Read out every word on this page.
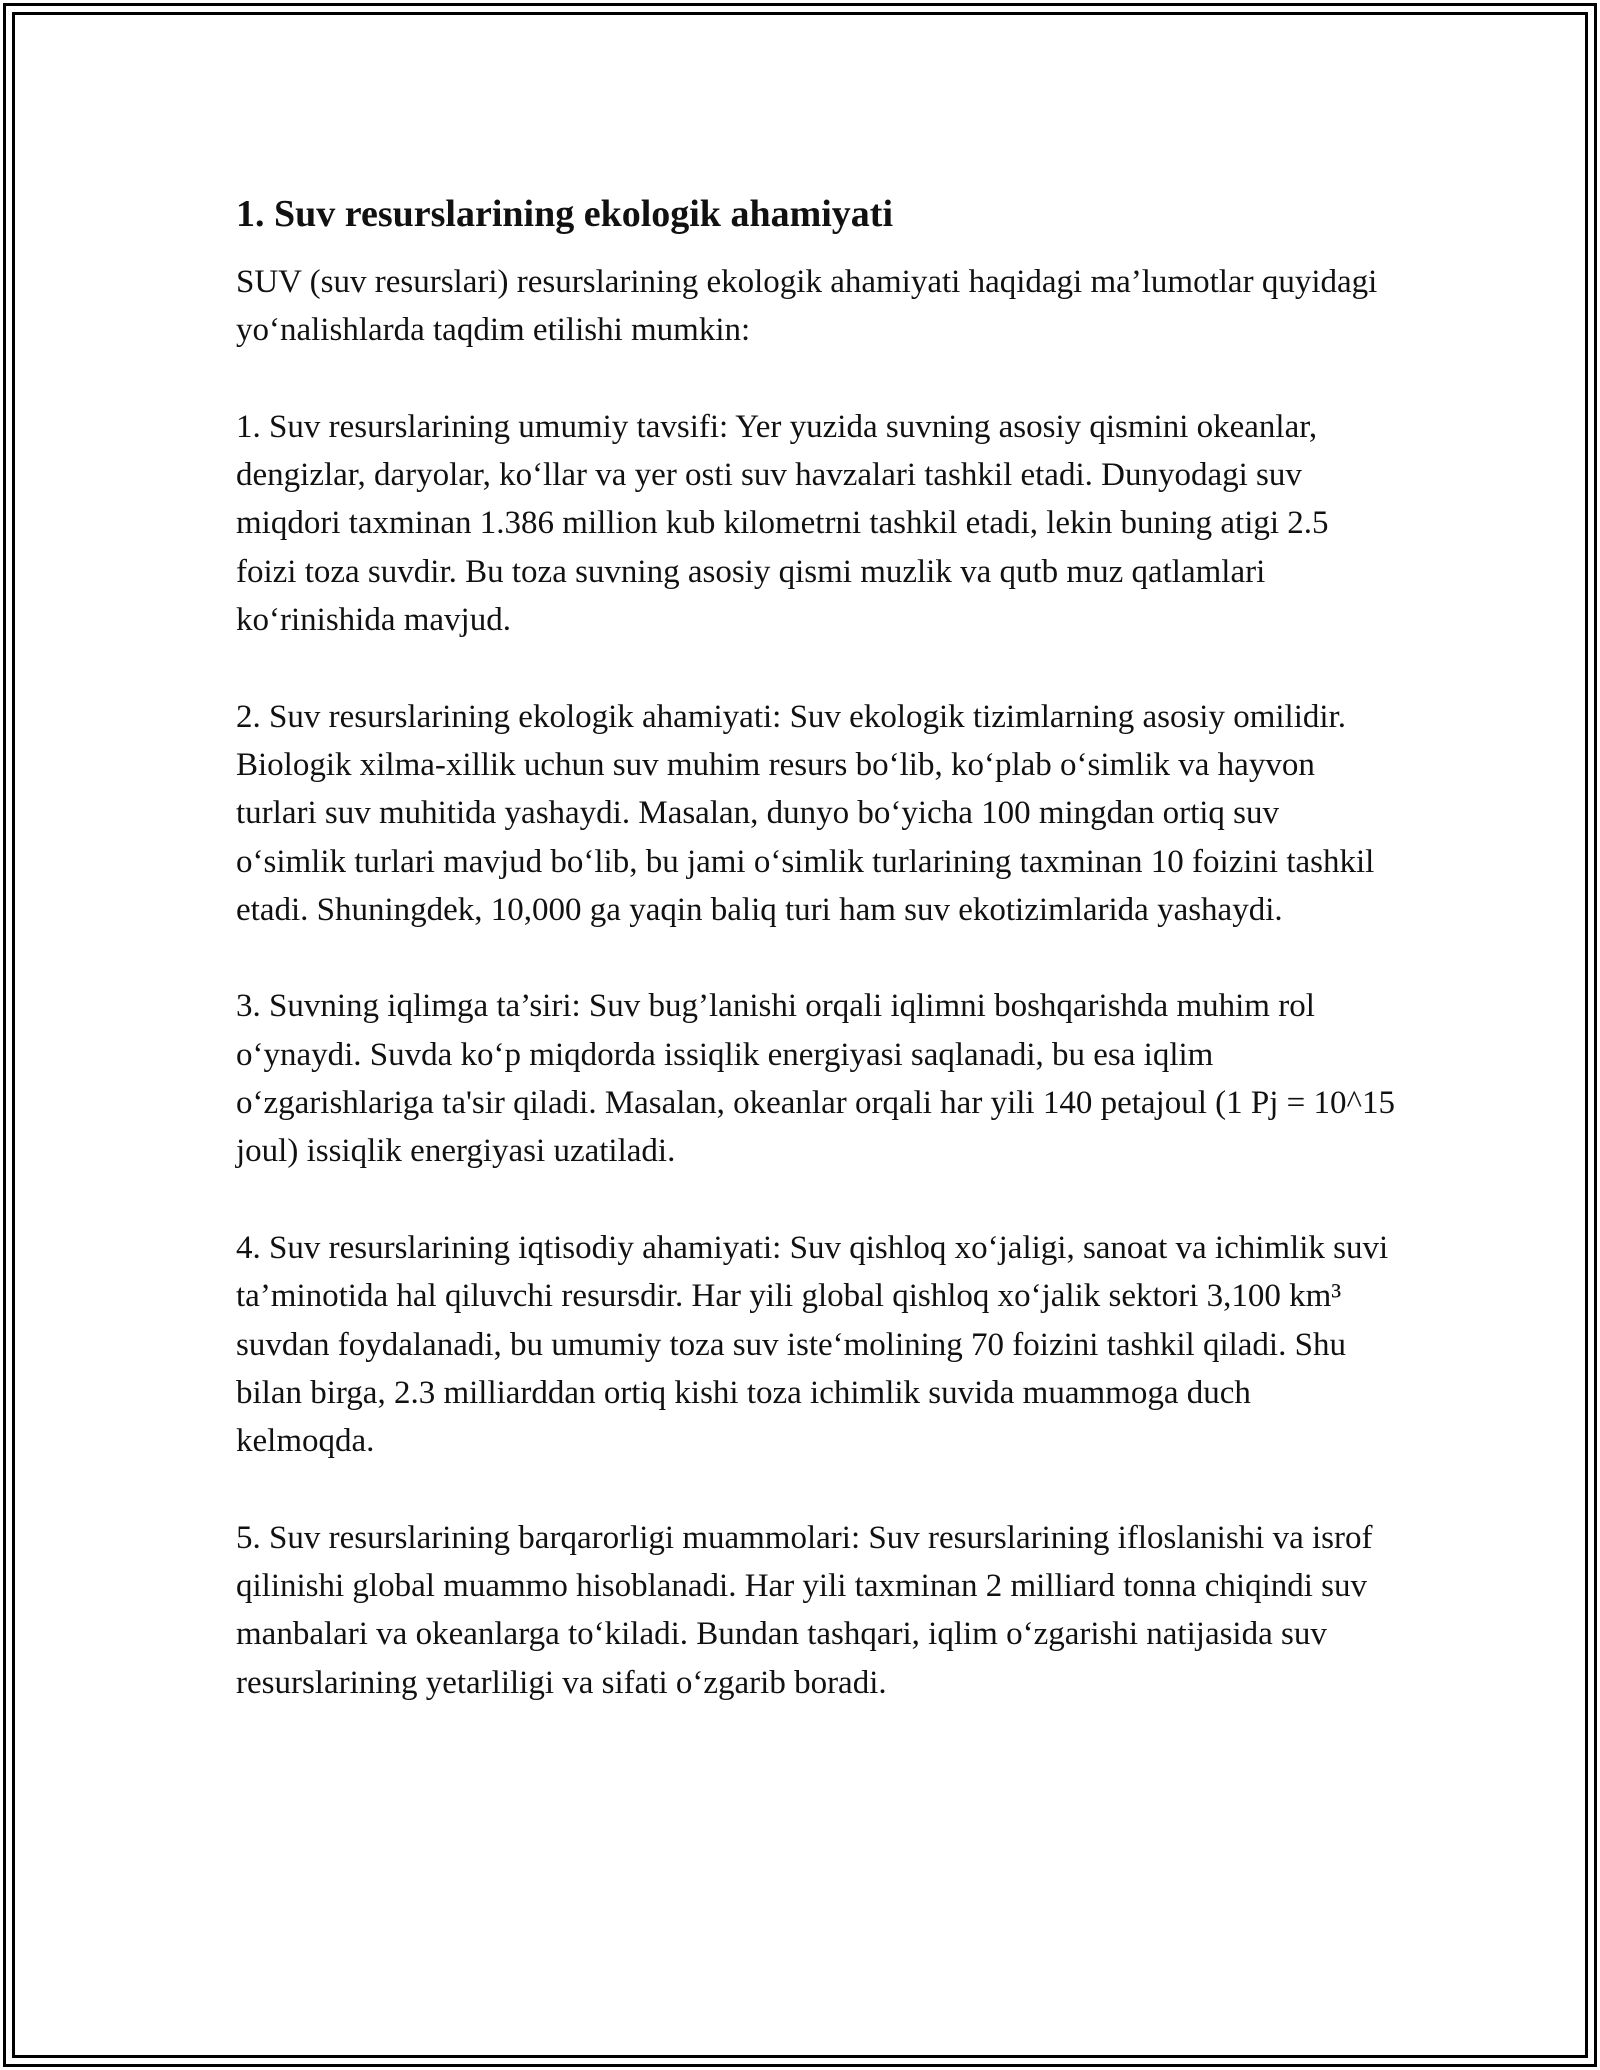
1. Suv resurslarining ekologik ahamiyati

SUV (suv resurslari) resurslarining ekologik ahamiyati haqidagi ma’lumotlar quyidagi yo‘nalishlarda taqdim etilishi mumkin:

1. Suv resurslarining umumiy tavsifi: Yer yuzida suvning asosiy qismini okeanlar, dengizlar, daryolar, ko‘llar va yer osti suv havzalari tashkil etadi. Dunyodagi suv miqdori taxminan 1.386 million kub kilometrni tashkil etadi, lekin buning atigi 2.5 foizi toza suvdir. Bu toza suvning asosiy qismi muzlik va qutb muz qatlamlari ko‘rinishida mavjud.

2. Suv resurslarining ekologik ahamiyati: Suv ekologik tizimlarning asosiy omilidir. Biologik xilma-xillik uchun suv muhim resurs bo‘lib, ko‘plab o‘simlik va hayvon turlari suv muhitida yashaydi. Masalan, dunyo bo‘yicha 100 mingdan ortiq suv o‘simlik turlari mavjud bo‘lib, bu jami o‘simlik turlarining taxminan 10 foizini tashkil etadi. Shuningdek, 10,000 ga yaqin baliq turi ham suv ekotizimlarida yashaydi.

3. Suvning iqlimga ta’siri: Suv bug’lanishi orqali iqlimni boshqarishda muhim rol o‘ynaydi. Suvda ko‘p miqdorda issiqlik energiyasi saqlanadi, bu esa iqlim o‘zgarishlariga ta'sir qiladi. Masalan, okeanlar orqali har yili 140 petajoul (1 Pj = 10^15 joul) issiqlik energiyasi uzatiladi.

4. Suv resurslarining iqtisodiy ahamiyati: Suv qishloq xo‘jaligi, sanoat va ichimlik suvi ta’minotida hal qiluvchi resursdir. Har yili global qishloq xo‘jalik sektori 3,100 km³ suvdan foydalanadi, bu umumiy toza suv iste‘molining 70 foizini tashkil qiladi. Shu bilan birga, 2.3 milliarddan ortiq kishi toza ichimlik suvida muammoga duch kelmoqda.

5. Suv resurslarining barqarorligi muammolari: Suv resurslarining ifloslanishi va isrof qilinishi global muammo hisoblanadi. Har yili taxminan 2 milliard tonna chiqindi suv manbalari va okeanlarga to‘kiladi. Bundan tashqari, iqlim o‘zgarishi natijasida suv resurslarining yetarliligi va sifati o‘zgarib boradi.
